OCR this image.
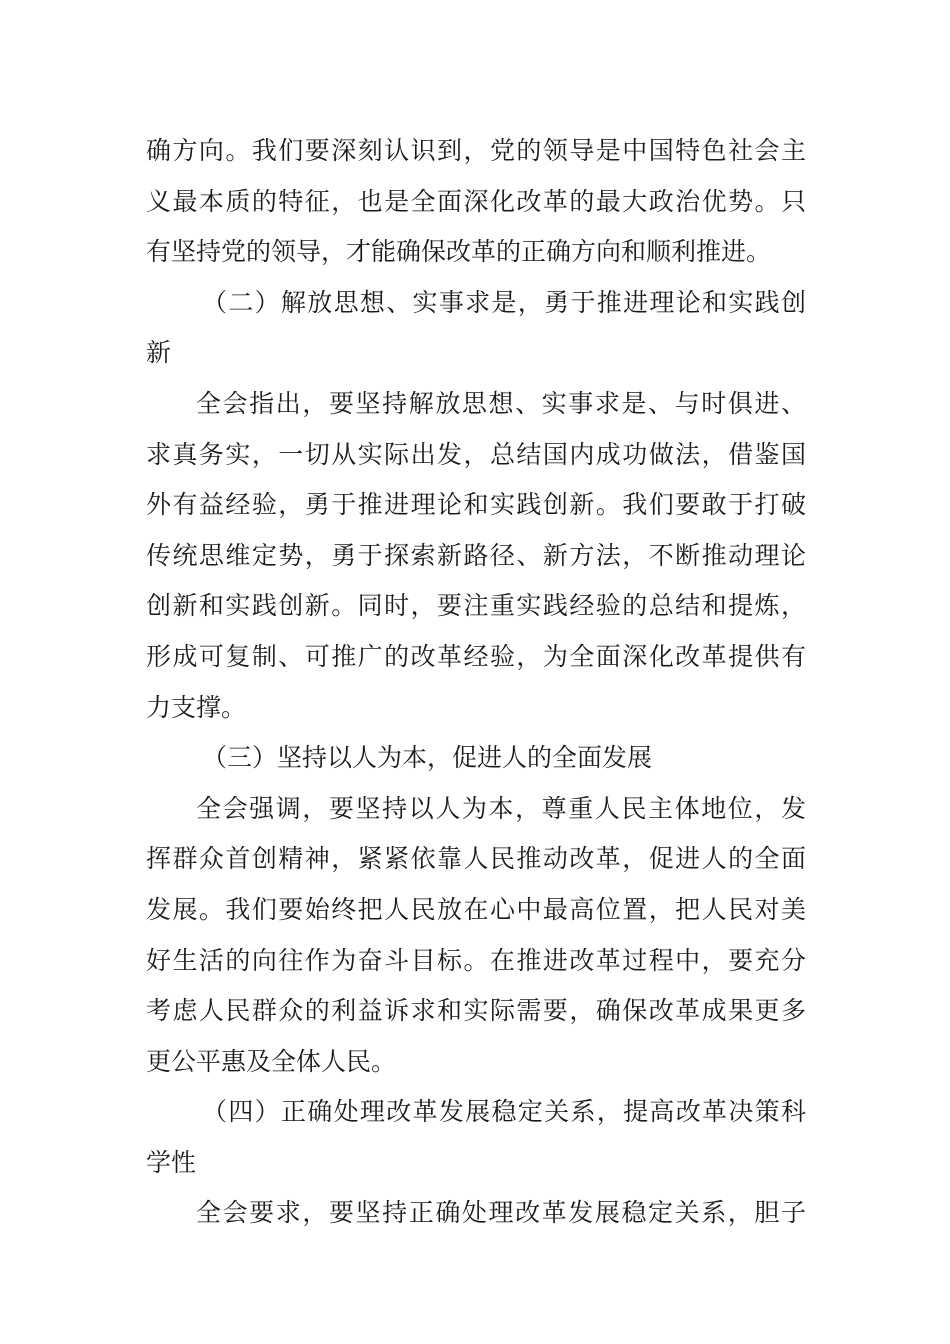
确方向。我们要深刻认识到，党的领导是中国特色社会主
义最本质的特征，也是全面深化改革的最大政治优势。只
有坚持党的领导，才能确保改革的正确方向和顺利推进。
（二）解放思想、实事求是，勇于推进理论和实践创
新
全会指出，要坚持解放思想、实事求是、与时俱进、
求真务实，一切从实际出发，总结国内成功做法，借鉴国
外有益经验，勇于推进理论和实践创新。我们要敢于打破
传统思维定势，勇于探索新路径、新方法，不断推动理论
创新和实践创新。同时，要注重实践经验的总结和提炼，
形成可复制、可推广的改革经验，为全面深化改革提供有
力支撑。
（三）坚持以人为本，促进人的全面发展
全会强调，要坚持以人为本，尊重人民主体地位，发
挥群众首创精神，紧紧依靠人民推动改革，促进人的全面
发展。我们要始终把人民放在心中最高位置，把人民对美
好生活的向往作为奋斗目标。在推进改革过程中，要充分
考虑人民群众的利益诉求和实际需要，确保改革成果更多
更公平惠及全体人民。
（四）正确处理改革发展稳定关系，提高改革决策科
学性
全会要求，要坚持正确处理改革发展稳定关系，胆子
